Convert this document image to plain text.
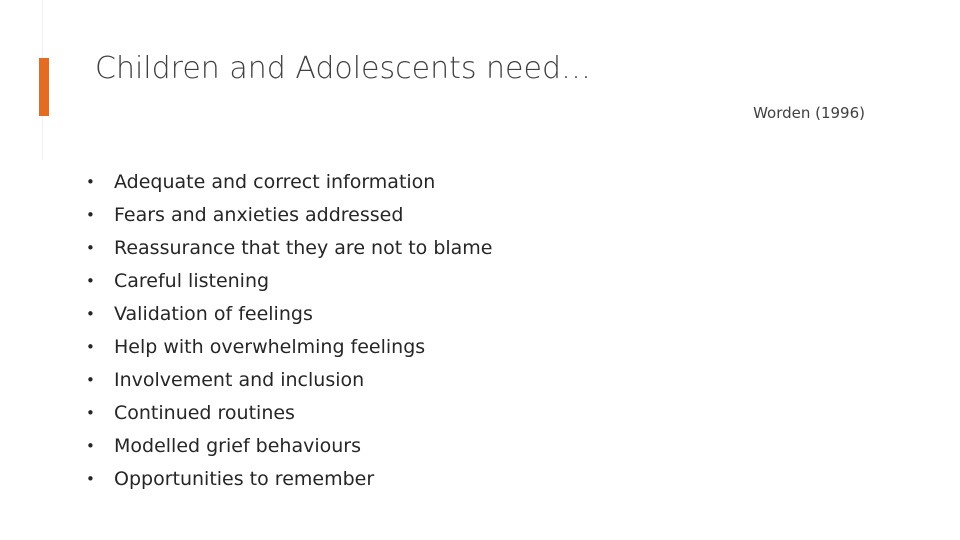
Children and Adolescents need…
Worden (1996)
•	Adequate and correct information
•	Fears and anxieties addressed
•	Reassurance that they are not to blame
•	Careful listening
•	Validation of feelings
•	Help with overwhelming feelings
•	Involvement and inclusion
•	Continued routines
•	Modelled grief behaviours
•	Opportunities to remember
